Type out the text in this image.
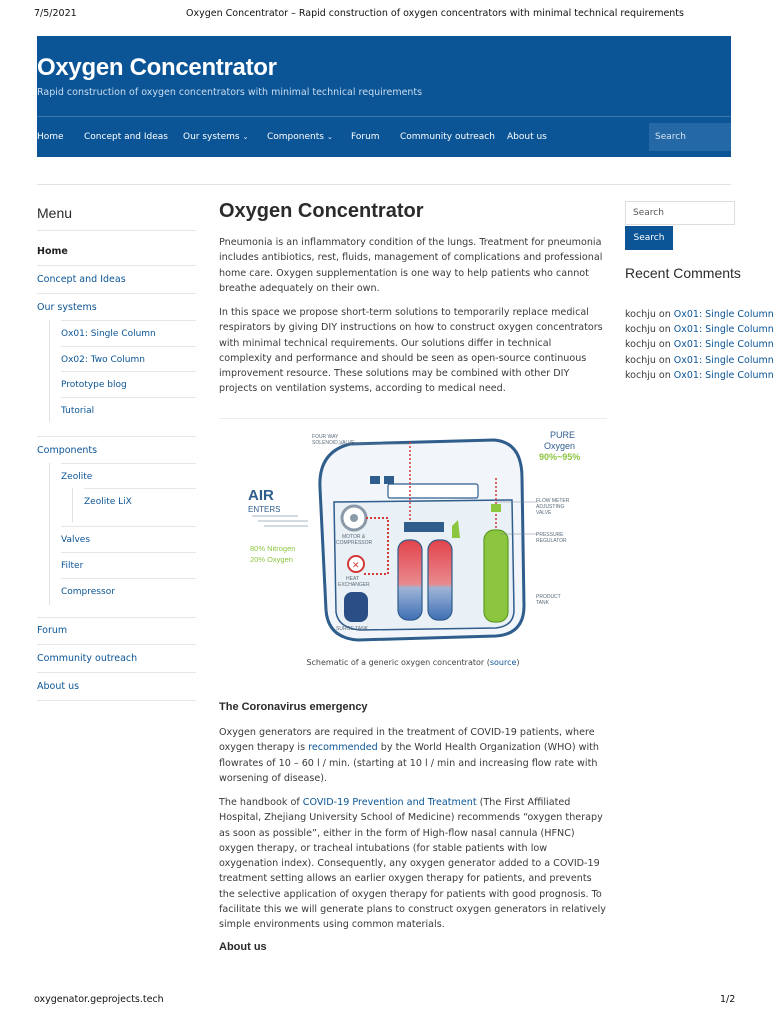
7/5/2021	Oxygen Concentrator – Rapid construction of oxygen concentrators with minimal technical requirements
oxygenator.geprojects.tech	1/2
Oxygen Concentrator
Rapid construction of oxygen concentrators with minimal technical requirements
Home Concept and Ideas Our systems ⌄ Components ⌄ Forum Community outreach About us	Search
Menu
Home
Concept and Ideas
Our systems
Ox01: Single Column
Ox02: Two Column
Prototype blog
Tutorial
Components
Zeolite
Zeolite LiX
Valves
Filter
Compressor
Forum
Community outreach
About us
Oxygen Concentrator
Pneumonia is an inflammatory condition of the lungs. Treatment for pneumonia includes antibiotics, rest, fluids, management of complications and professional home care. Oxygen supplementation is one way to help patients who cannot breathe adequately on their own.
In this space we propose short-term solutions to temporarily replace medical respirators by giving DIY instructions on how to construct oxygen concentrators with minimal technical requirements. Our solutions differ in technical complexity and performance and should be seen as open-source continuous improvement resource. These solutions may be combined with other DIY projects on ventilation systems, according to medical need.
✕
FOUR WAY
SOLENOID VALVE
PURE
Oxygen
90%~95%
AIR
ENTERS
FLOW METER
ADJUSTING
VALVE
MOTOR &
COMPRESSOR
PRESSURE
REGULATOR
80% Nitrogen
20% Oxygen
HEAT
EXCHANGER
PRODUCT
TANK
SURGE TANK
Schematic of a generic oxygen concentrator (source)
The Coronavirus emergency
Oxygen generators are required in the treatment of COVID-19 patients, where oxygen therapy is recommended by the World Health Organization (WHO) with flowrates of 10 – 60 l / min. (starting at 10 l / min and increasing flow rate with worsening of disease).
The handbook of COVID-19 Prevention and Treatment (The First Affiliated Hospital, Zhejiang University School of Medicine) recommends “oxygen therapy as soon as possible”, either in the form of High-flow nasal cannula (HFNC) oxygen therapy, or tracheal intubations (for stable patients with low oxygenation index). Consequently, any oxygen generator added to a COVID-19 treatment setting allows an earlier oxygen therapy for patients, and prevents the selective application of oxygen therapy for patients with good prognosis. To facilitate this we will generate plans to construct oxygen generators in relatively simple environments using common materials.
About us
Search
Search
Recent Comments
kochju on Ox01: Single Column
kochju on Ox01: Single Column
kochju on Ox01: Single Column
kochju on Ox01: Single Column
kochju on Ox01: Single Column
